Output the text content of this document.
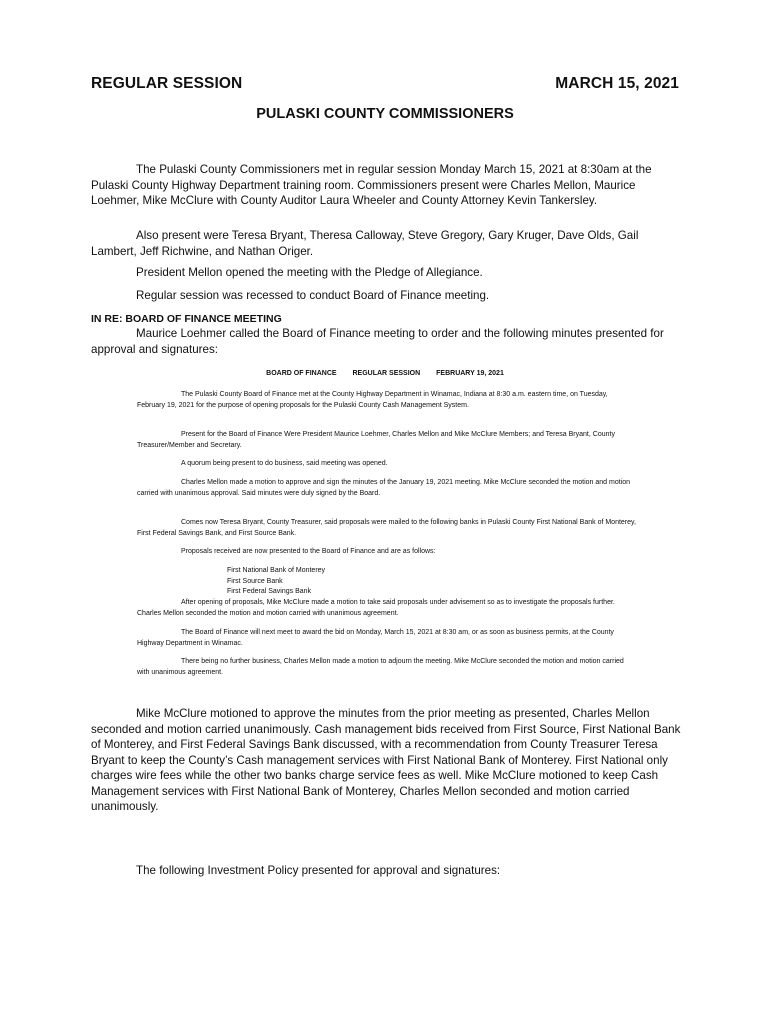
REGULAR SESSION	MARCH 15, 2021
PULASKI COUNTY COMMISSIONERS

The Pulaski County Commissioners met in regular session Monday March 15, 2021 at 8:30am at the Pulaski County Highway Department training room. Commissioners present were Charles Mellon, Maurice Loehmer, Mike McClure with County Auditor Laura Wheeler and County Attorney Kevin Tankersley.

Also present were Teresa Bryant, Theresa Calloway, Steve Gregory, Gary Kruger, Dave Olds, Gail Lambert, Jeff Richwine, and Nathan Origer.

President Mellon opened the meeting with the Pledge of Allegiance.

Regular session was recessed to conduct Board of Finance meeting.

IN RE: BOARD OF FINANCE MEETING

Maurice Loehmer called the Board of Finance meeting to order and the following minutes presented for approval and signatures:

BOARD OF FINANCE REGULAR SESSION FEBRUARY 19, 2021

The Pulaski County Board of Finance met at the County Highway Department in Winamac, Indiana at 8:30 a.m. eastern time, on Tuesday, February 19, 2021 for the purpose of opening proposals for the Pulaski County Cash Management System.

Present for the Board of Finance Were President Maurice Loehmer, Charles Mellon and Mike McClure Members; and Teresa Bryant, County Treasurer/Member and Secretary.

A quorum being present to do business, said meeting was opened.

Charles Mellon made a motion to approve and sign the minutes of the January 19, 2021 meeting. Mike McClure seconded the motion and motion carried with unanimous approval. Said minutes were duly signed by the Board.

Comes now Teresa Bryant, County Treasurer, said proposals were mailed to the following banks in Pulaski County First National Bank of Monterey, First Federal Savings Bank, and First Source Bank.

Proposals received are now presented to the Board of Finance and are as follows:

First National Bank of Monterey
First Source Bank
First Federal Savings Bank

After opening of proposals, Mike McClure made a motion to take said proposals under advisement so as to investigate the proposals further. Charles Mellon seconded the motion and motion carried with unanimous agreement.

The Board of Finance will next meet to award the bid on Monday, March 15, 2021 at 8:30 am, or as soon as business permits, at the County Highway Department in Winamac.

There being no further business, Charles Mellon made a motion to adjourn the meeting. Mike McClure seconded the motion and motion carried with unanimous agreement.

Mike McClure motioned to approve the minutes from the prior meeting as presented, Charles Mellon seconded and motion carried unanimously. Cash management bids received from First Source, First National Bank of Monterey, and First Federal Savings Bank discussed, with a recommendation from County Treasurer Teresa Bryant to keep the County’s Cash management services with First National Bank of Monterey. First National only charges wire fees while the other two banks charge service fees as well. Mike McClure motioned to keep Cash Management services with First National Bank of Monterey, Charles Mellon seconded and motion carried unanimously.

The following Investment Policy presented for approval and signatures:
